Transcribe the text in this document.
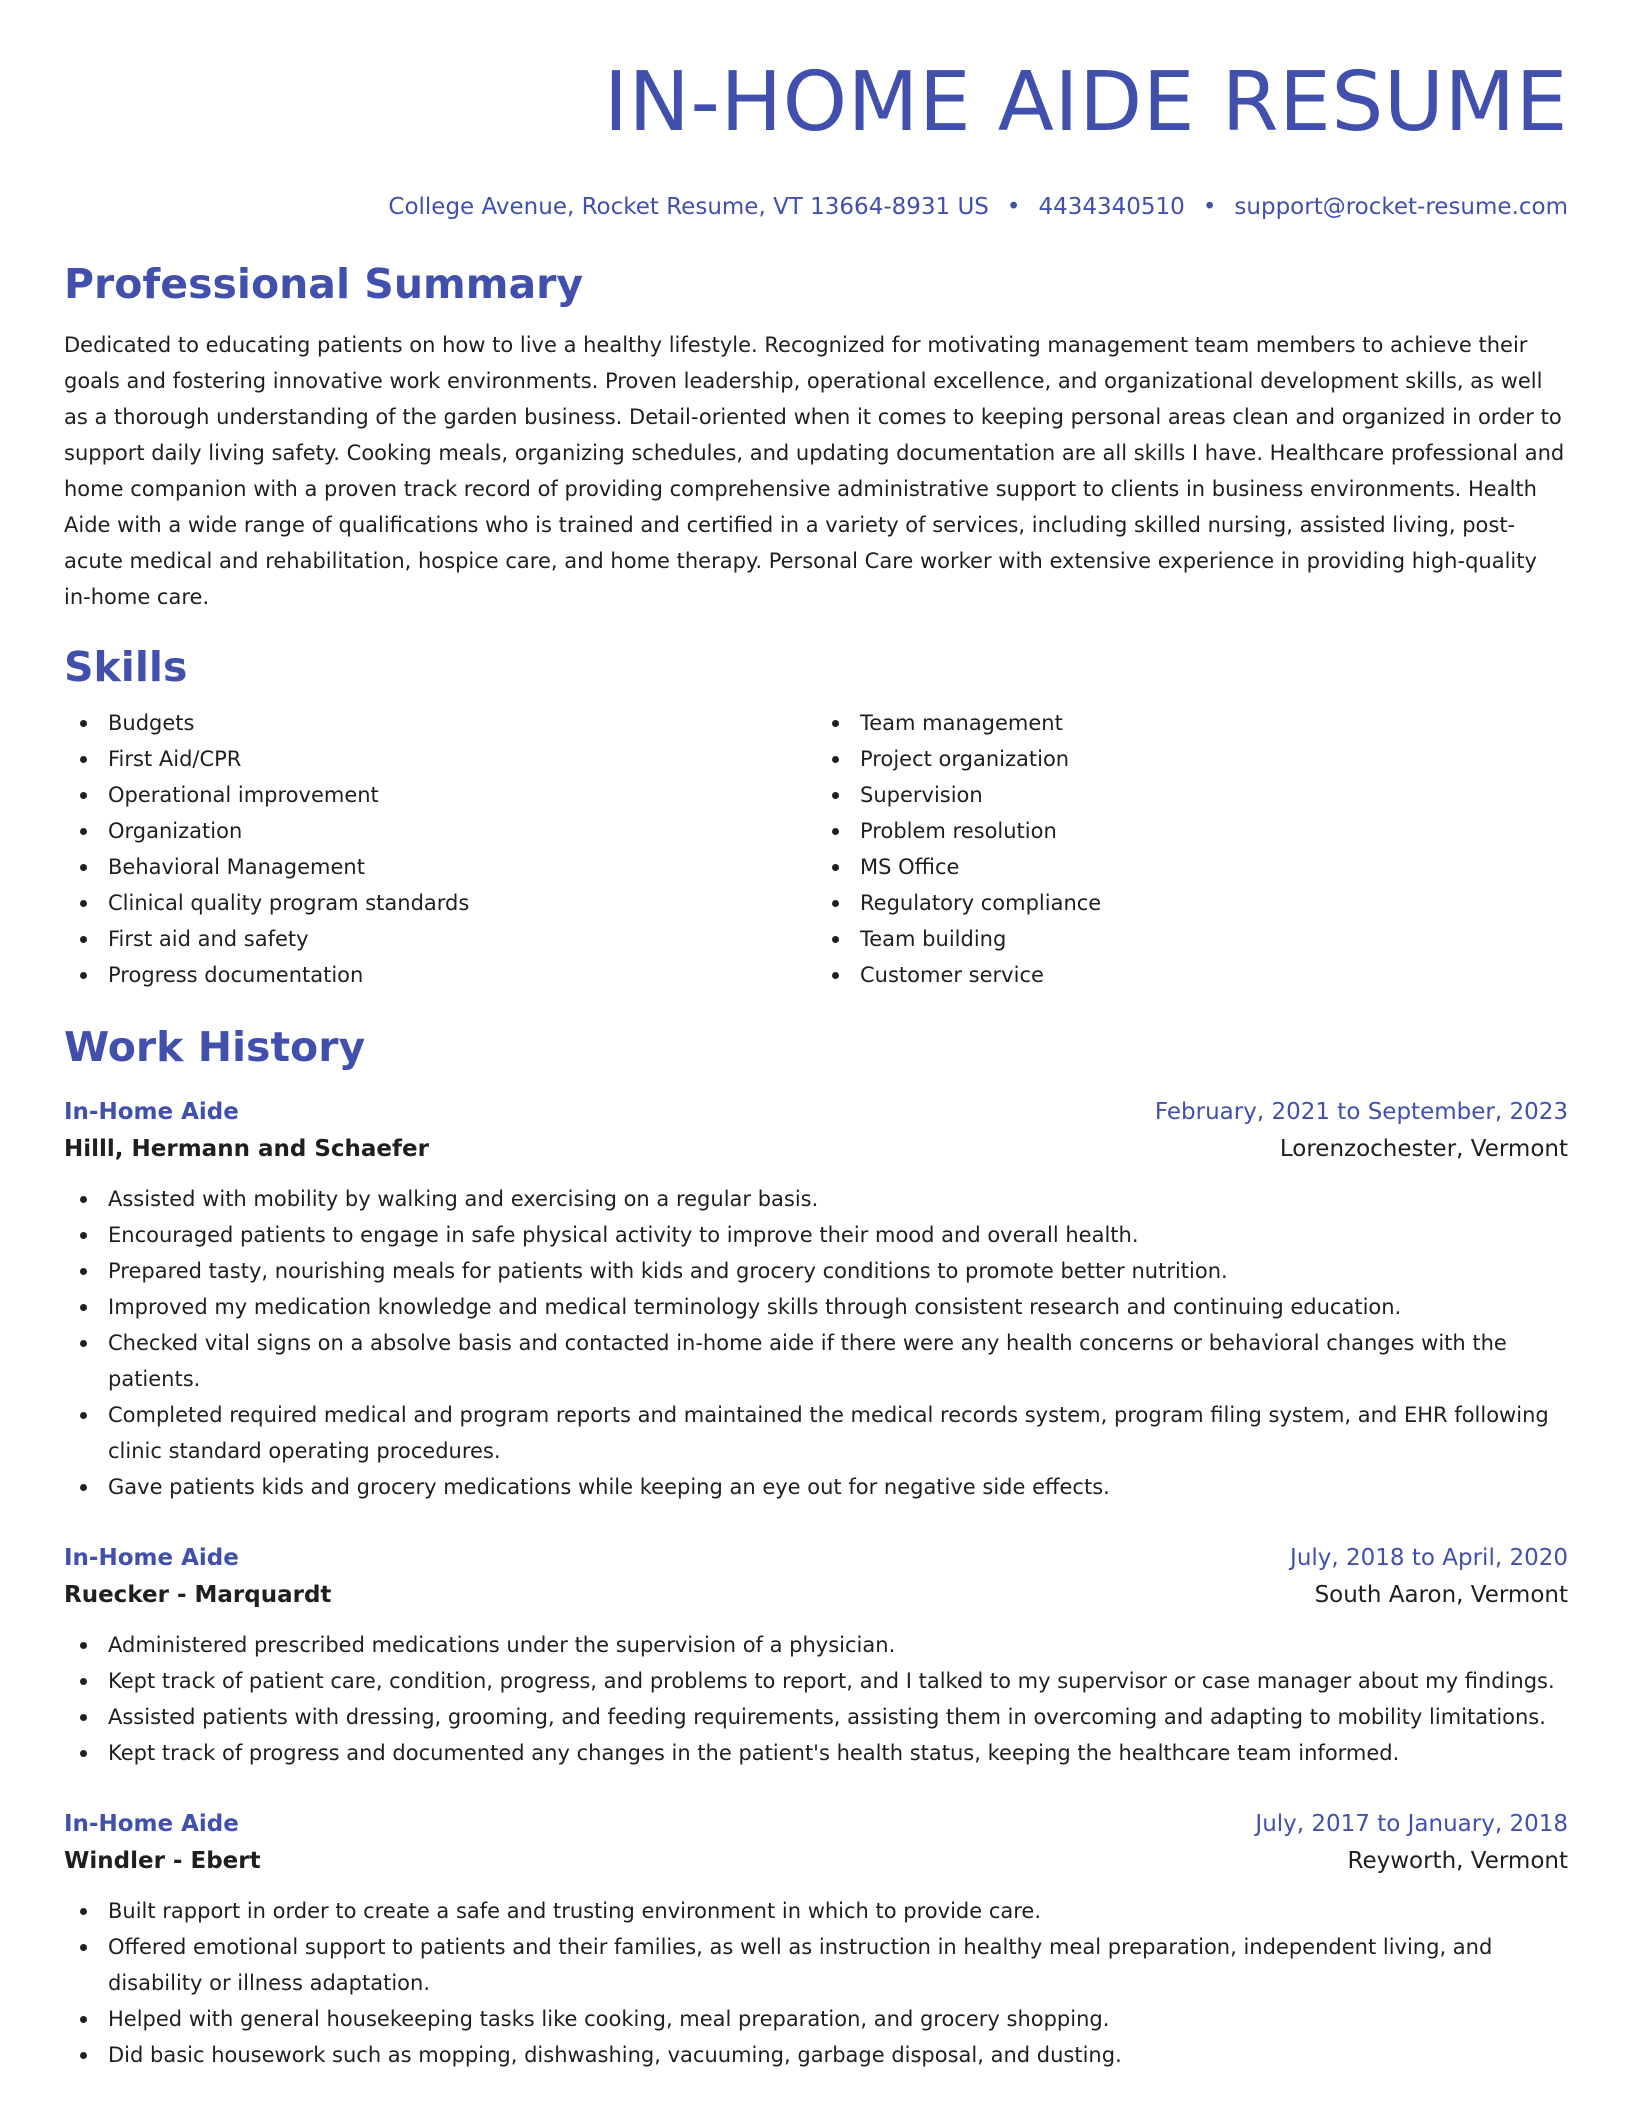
IN-HOME AIDE RESUME
College Avenue, Rocket Resume, VT 13664-8931 US • 4434340510 • support@rocket-resume.com
Professional Summary

Dedicated to educating patients on how to live a healthy lifestyle. Recognized for motivating management team members to achieve their goals and fostering innovative work environments. Proven leadership, operational excellence, and organizational development skills, as well as a thorough understanding of the garden business. Detail-oriented when it comes to keeping personal areas clean and organized in order to support daily living safety. Cooking meals, organizing schedules, and updating documentation are all skills I have. Healthcare professional and home companion with a proven track record of providing comprehensive administrative support to clients in business environments. Health Aide with a wide range of qualifications who is trained and certified in a variety of services, including skilled nursing, assisted living, post-acute medical and rehabilitation, hospice care, and home therapy. Personal Care worker with extensive experience in providing high-quality in-home care.

Skills
Budgets
First Aid/CPR
Operational improvement
Organization
Behavioral Management
Clinical quality program standards
First aid and safety
Progress documentation
Team management
Project organization
Supervision
Problem resolution
MS Office
Regulatory compliance
Team building
Customer service
Work History
In-Home Aide	February, 2021 to September, 2023
Hilll, Hermann and Schaefer	Lorenzochester, Vermont
Assisted with mobility by walking and exercising on a regular basis.
Encouraged patients to engage in safe physical activity to improve their mood and overall health.
Prepared tasty, nourishing meals for patients with kids and grocery conditions to promote better nutrition.
Improved my medication knowledge and medical terminology skills through consistent research and continuing education.
Checked vital signs on a absolve basis and contacted in-home aide if there were any health concerns or behavioral changes with the patients.
Completed required medical and program reports and maintained the medical records system, program filing system, and EHR following clinic standard operating procedures.
Gave patients kids and grocery medications while keeping an eye out for negative side effects.
In-Home Aide	July, 2018 to April, 2020
Ruecker - Marquardt	South Aaron, Vermont
Administered prescribed medications under the supervision of a physician.
Kept track of patient care, condition, progress, and problems to report, and I talked to my supervisor or case manager about my findings.
Assisted patients with dressing, grooming, and feeding requirements, assisting them in overcoming and adapting to mobility limitations.
Kept track of progress and documented any changes in the patient's health status, keeping the healthcare team informed.
In-Home Aide	July, 2017 to January, 2018
Windler - Ebert	Reyworth, Vermont
Built rapport in order to create a safe and trusting environment in which to provide care.
Offered emotional support to patients and their families, as well as instruction in healthy meal preparation, independent living, and disability or illness adaptation.
Helped with general housekeeping tasks like cooking, meal preparation, and grocery shopping.
Did basic housework such as mopping, dishwashing, vacuuming, garbage disposal, and dusting.
